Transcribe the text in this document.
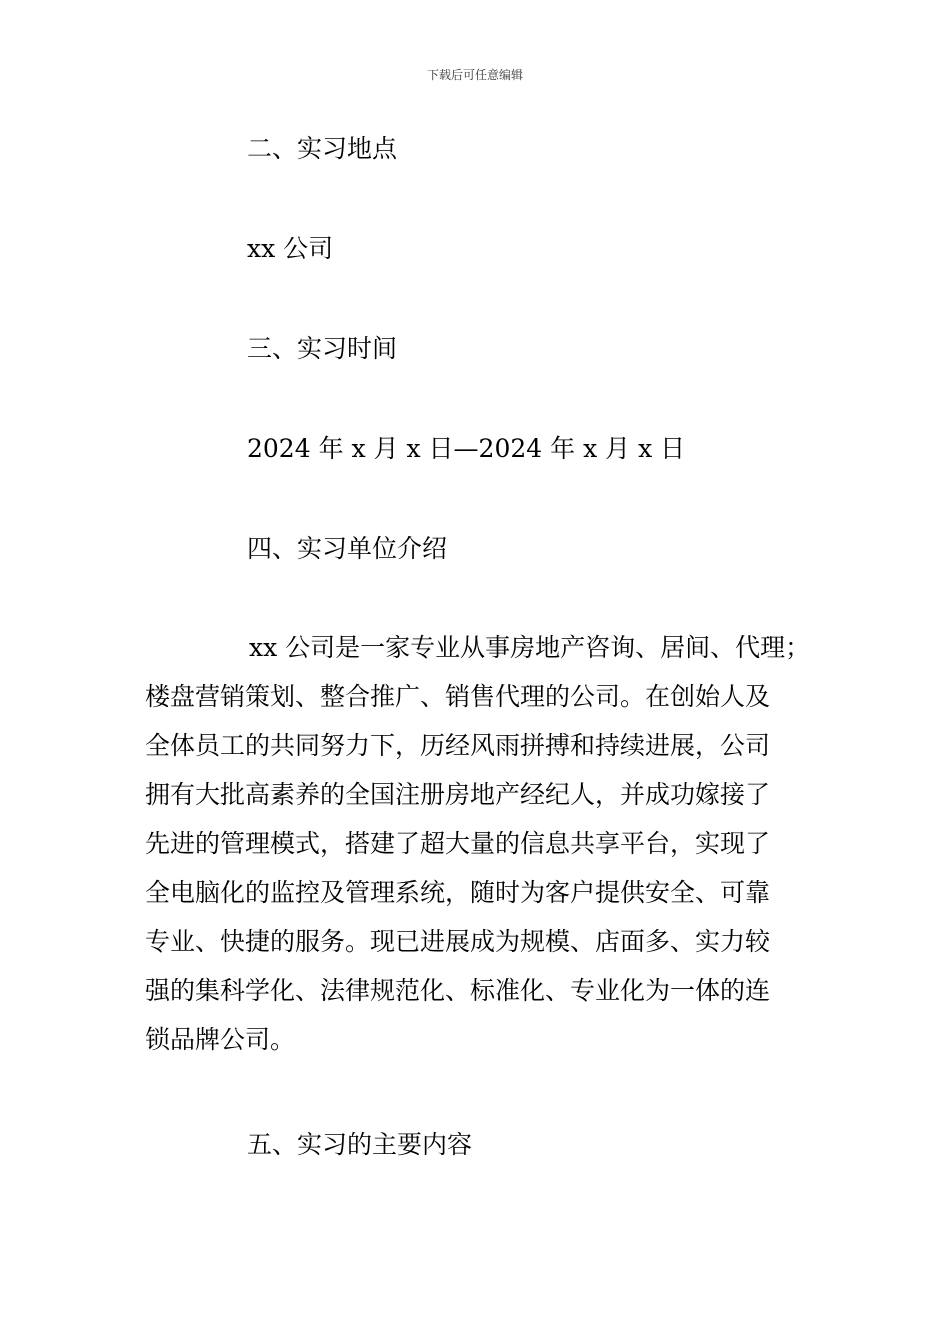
下载后可任意编辑
二、实习地点
xx 公司
三、实习时间
2024 年 x 月 x 日—2024 年 x 月 x 日
四、实习单位介绍
xx 公司是一家专业从事房地产咨询、居间、代理；
楼盘营销策划、整合推广、销售代理的公司。在创始人及
全体员工的共同努力下，历经风雨拼搏和持续进展，公司
拥有大批高素养的全国注册房地产经纪人，并成功嫁接了
先进的管理模式，搭建了超大量的信息共享平台，实现了
全电脑化的监控及管理系统，随时为客户提供安全、可靠
专业、快捷的服务。现已进展成为规模、店面多、实力较
强的集科学化、法律规范化、标准化、专业化为一体的连
锁品牌公司。
五、实习的主要内容
